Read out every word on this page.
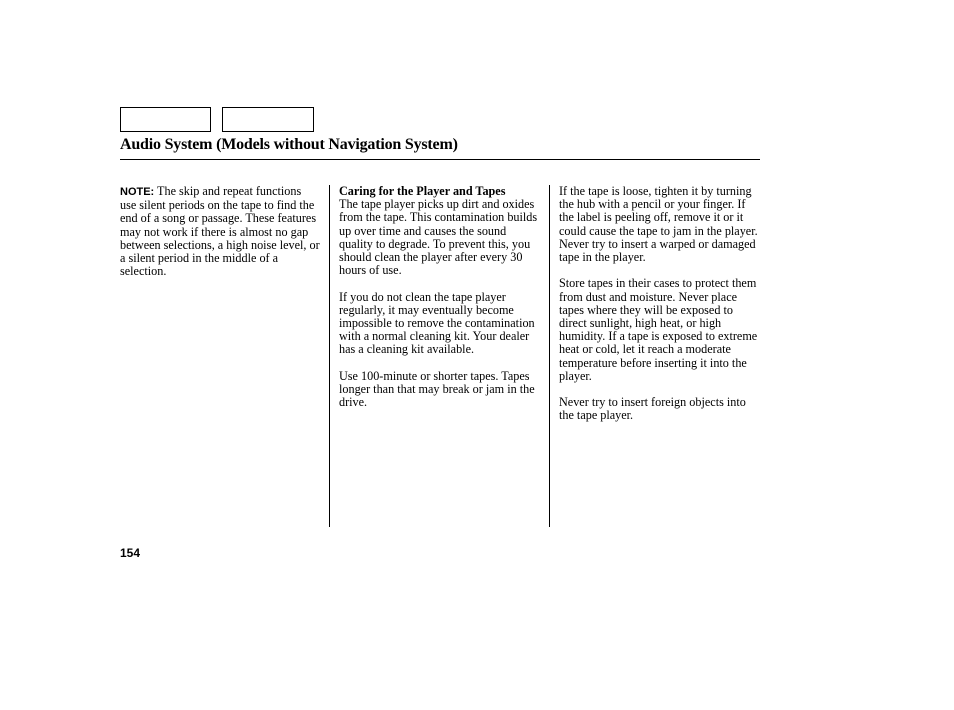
Audio System (Models without Navigation System)

NOTE: The skip and repeat functions use silent periods on the tape to find the end of a song or passage. These features may not work if there is almost no gap between selections, a high noise level, or a silent period in the middle of a selection.

Caring for the Player and Tapes
The tape player picks up dirt and oxides from the tape. This contamination builds up over time and causes the sound quality to degrade. To prevent this, you should clean the player after every 30 hours of use.

If you do not clean the tape player regularly, it may eventually become impossible to remove the contamination with a normal cleaning kit. Your dealer has a cleaning kit available.

Use 100-minute or shorter tapes. Tapes longer than that may break or jam in the drive.

If the tape is loose, tighten it by turning the hub with a pencil or your finger. If the label is peeling off, remove it or it could cause the tape to jam in the player. Never try to insert a warped or damaged tape in the player.

Store tapes in their cases to protect them from dust and moisture. Never place tapes where they will be exposed to direct sunlight, high heat, or high humidity. If a tape is exposed to extreme heat or cold, let it reach a moderate temperature before inserting it into the player.

Never try to insert foreign objects into the tape player.

154
